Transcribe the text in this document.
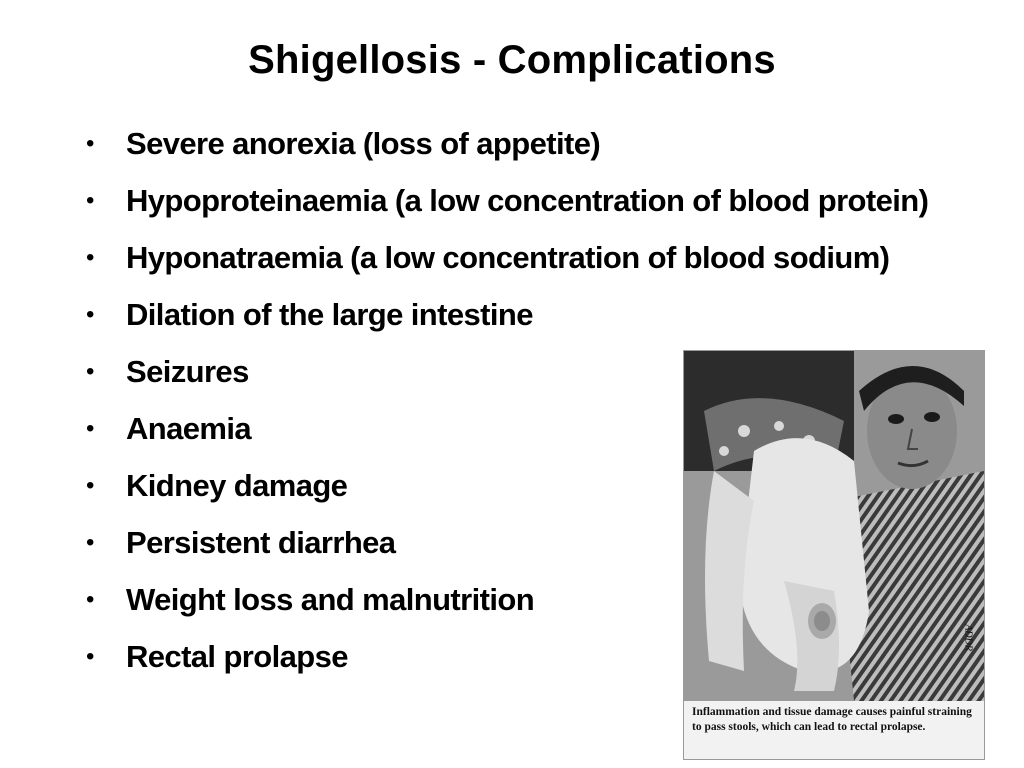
Shigellosis - Complications
• Severe anorexia (loss of appetite)
• Hypoproteinaemia (a low concentration of blood protein)
• Hyponatraemia (a low concentration of blood sodium)
• Dilation of the large intestine
• Seizures
• Anaemia
• Kidney damage
• Persistent diarrhea
• Weight loss and malnutrition
• Rectal prolapse
ADDR
Inflammation and tissue damage causes painful straining to pass stools, which can lead to rectal prolapse.
